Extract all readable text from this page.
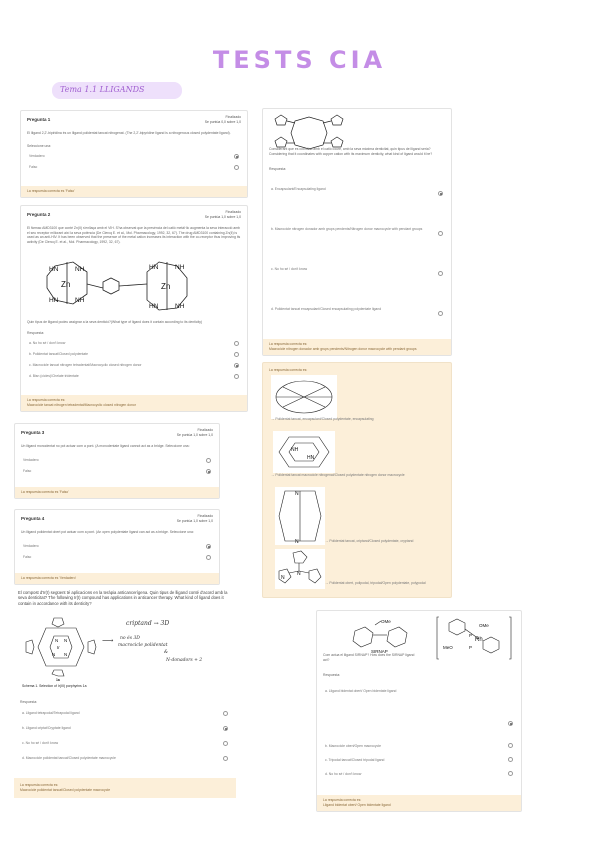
TESTS CIA
Tema 1.1 LLIGANDS
Pregunta 1	Finalizado
Se puntúa 0,0 sobre 1,0
El lligand 2,2'-bipiridina és un lligand polidentat tancat nitrogenat. (The 2,2'-bipyridine ligand is a nitrogenous closed polydentate ligand).
Seleccione una:
Verdadero
Falso
La respuesta correcta es 'Falso'
Pregunta 2	Finalizado
Se puntúa 1,0 sobre 1,0
El fàrmac AMD3100 que conté Zn(II) s'enllaça amb el VIH. S'ha observat que la presència del catió metàl·lic augmenta la seva interacció amb el seu receptor millorant així la seva potència (De Clercq E. et al., Mol. Pharmacology, 1992, 32, 67). The drug AMD3100 containing Zn(II) is used as an anti-HIV. It has been observed that the presence of the metal cation increases its interaction with the co-receptor thus improving its activity (De Clercq E. et al., Mol. Pharmacology, 1992, 32, 67).
HN	NH
Zn
HN	NH
HN	NH
Zn
HN	NH
Quin tipus de lligand podeu assignar a la seva dentició?(What type of ligand does it contain according to its denticity)
Respuesta:
a. No ho sé / don't know
b. Polidentat tancat/Closed polydentate
c. Macrocicle tancat nitrogen tetradentat/Macrocyclic closed nitrogen donor
d. Bisn (cicles)/Chelate tridentate
La respuesta correcta es:
Macrocicle tancat nitrogen tetradentat/Macrocyclic closed nitrogen donor
Pregunta 3	Finalizado
Se puntúa 1,0 sobre 1,0
Un lligand monodentat no pot actuar com a pont. (A monodentate ligand cannot act as a bridge. Seleccione una:
Verdadero
Falso
La respuesta correcta es 'Falso'
Pregunta 4	Finalizado
Se puntúa 1,0 sobre 1,0
Un lligand polidentat obert pot actuar com a pont. (An open polydentate ligand can act as a bridge. Seleccione una:
Verdadero
Falso
La respuesta correcta es 'Verdadero'
Considerant que es coordina amb el catió coure, amb la seva màxima denticitat, quin tipus de lligand seria? Considering that it coordinates with copper cation with its maximum denticity, what kind of ligand would it be?
Respuesta:
a. Encapsulant/Encapsulating ligand
b. Macrocicle nitrogen donador amb grups pendents/Nitrogen donor macrocycle with pendant groups
c. No ho sé / don't know
d. Polidentat tancat encapsulant/Closed encapsulating polydentate ligand
La respuesta correcta es:
Macrocicle nitrogen donador amb grups pendents/Nitrogen donor macrocycle with pendant groups
La respuesta correcta es:
→ Polidentat tancat, encapsulant/Closed polydentate, encapsulating
NH
HN
→ Polidentat tancat macrocicle nitrogenat/Closed polydentate nitrogen donor macrocycle
N
N	→ Polidentat tancat, criptand/Closed polydentate, cryptand
N
N
→ Polidentat obert, polipodal, tripodal/Open polydentate, polypodal
El compost d'Ir(I) següent té aplicacions en la teràpia anticancerígena. Quin tipus de lligand conté d'acord amb la seva denticitat? The following Ir(I) compound has applications in anticancer therapy. What kind of ligand does it contain in accordance with its denticity?
N
Ir
N
N
N
1a
criptand → 3D
⟶ no és 3D
macrocicle polidentat
&
N-donadors + 2
Schema 1. Selection of Ir(III) porphyrins 1a
Respuesta:
a. Lligand tetrapodal/Tetrapodal ligand
b. Lligand criptat/Cryptate ligand
c. No ho sé / don't know
d. Macrocicle polidentat tancat/Closed polydentate macrocycle
La respuesta correcta es:
Macrocicle polidentat tancat/Closed polydentate macrocycle
OMe
SIRNAP
OMe
MeO
Rh
P
P
Com actua el lligand SIRNAP? How does the SIRNAP ligand act?
Respuesta:
a. Lligand bidentat obert/ Open bidentate ligand
b. Macrocicle obert/Open macrocycle
c. Tripodal tancat/Closed tripodal ligand
d. No ho sé / don't know
La respuesta correcta es:
Lligand bidentat obert/ Open bidentate ligand
